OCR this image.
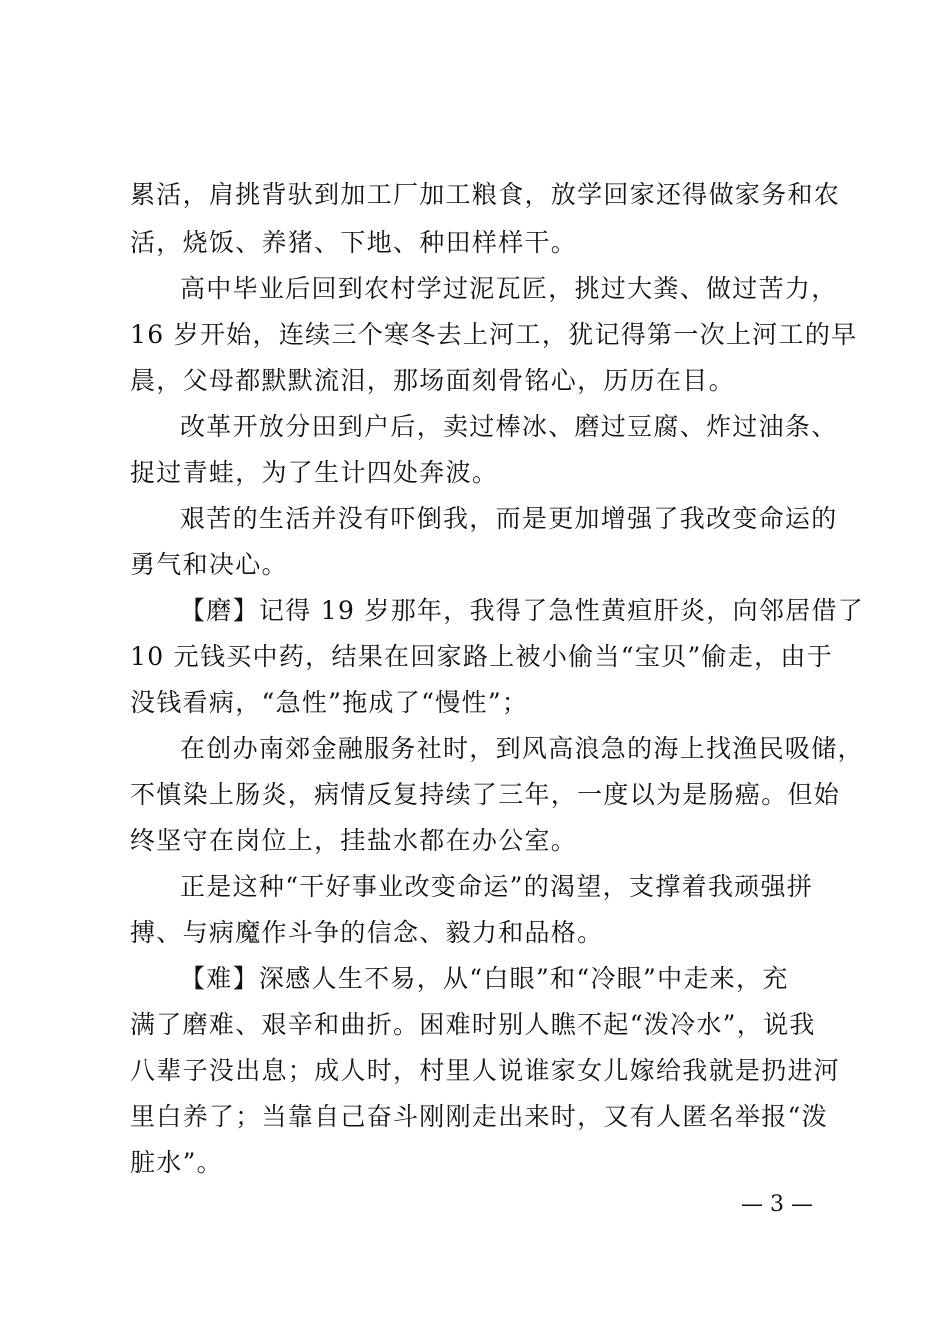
累活，肩挑背驮到加工厂加工粮食，放学回家还得做家务和农
活，烧饭、养猪、下地、种田样样干。
高中毕业后回到农村学过泥瓦匠，挑过大粪、做过苦力，
16 岁开始，连续三个寒冬去上河工，犹记得第一次上河工的早
晨，父母都默默流泪，那场面刻骨铭心，历历在目。
改革开放分田到户后，卖过棒冰、磨过豆腐、炸过油条、
捉过青蛙，为了生计四处奔波。
艰苦的生活并没有吓倒我，而是更加增强了我改变命运的
勇气和决心。
【磨】记得 19 岁那年，我得了急性黄疸肝炎，向邻居借了
10 元钱买中药，结果在回家路上被小偷当“宝贝”偷走，由于
没钱看病，“急性”拖成了“慢性”；
在创办南郊金融服务社时，到风高浪急的海上找渔民吸储，
不慎染上肠炎，病情反复持续了三年，一度以为是肠癌。但始
终坚守在岗位上，挂盐水都在办公室。
正是这种“干好事业改变命运”的渴望，支撑着我顽强拼
搏、与病魔作斗争的信念、毅力和品格。
【难】深感人生不易，从“白眼”和“冷眼”中走来，充
满了磨难、艰辛和曲折。困难时别人瞧不起“泼冷水”，说我
八辈子没出息；成人时，村里人说谁家女儿嫁给我就是扔进河
里白养了；当靠自己奋斗刚刚走出来时，又有人匿名举报“泼
脏水”。
— 3 —
